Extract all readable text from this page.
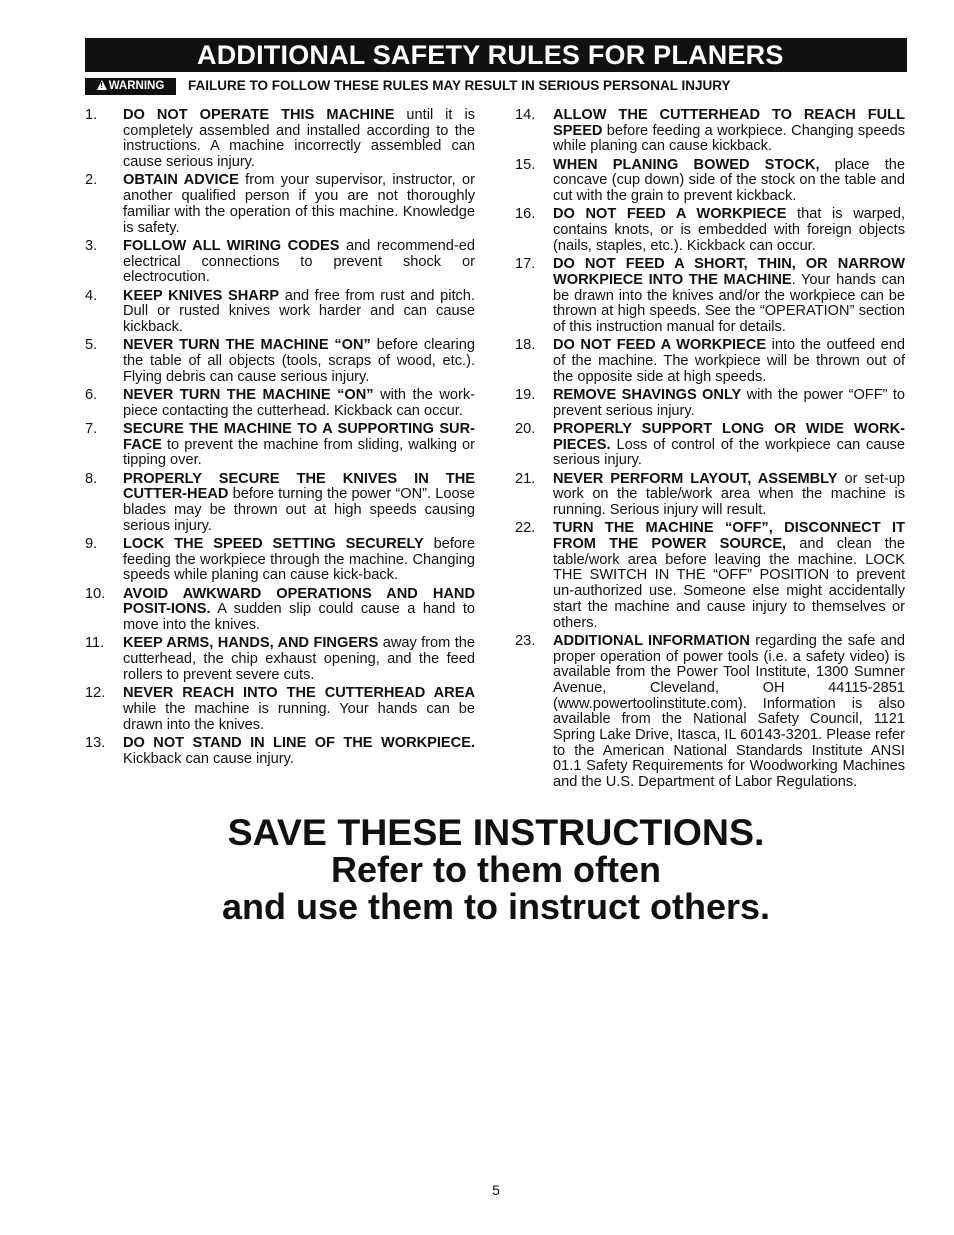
ADDITIONAL SAFETY RULES FOR PLANERS
!WARNING	FAILURE TO FOLLOW THESE RULES MAY RESULT IN SERIOUS PERSONAL INJURY
1. DO NOT OPERATE THIS MACHINE until it is completely assembled and installed according to the instructions. A machine incorrectly assembled can cause serious injury.
2. OBTAIN ADVICE from your supervisor, instructor, or another qualified person if you are not thoroughly familiar with the operation of this machine. Knowledge is safety.
3. FOLLOW ALL WIRING CODES and recommend-ed electrical connections to prevent shock or electrocution.
4. KEEP KNIVES SHARP and free from rust and pitch. Dull or rusted knives work harder and can cause kickback.
5. NEVER TURN THE MACHINE “ON” before clearing the table of all objects (tools, scraps of wood, etc.). Flying debris can cause serious injury.
6. NEVER TURN THE MACHINE “ON” with the work-piece contacting the cutterhead. Kickback can occur.
7. SECURE THE MACHINE TO A SUPPORTING SUR-FACE to prevent the machine from sliding, walking or tipping over.
8. PROPERLY SECURE THE KNIVES IN THE CUTTER-HEAD before turning the power “ON”. Loose blades may be thrown out at high speeds causing serious injury.
9. LOCK THE SPEED SETTING SECURELY before feeding the workpiece through the machine. Changing speeds while planing can cause kick-back.
10. AVOID AWKWARD OPERATIONS AND HAND POSIT-IONS. A sudden slip could cause a hand to move into the knives.
11. KEEP ARMS, HANDS, AND FINGERS away from the cutterhead, the chip exhaust opening, and the feed rollers to prevent severe cuts.
12. NEVER REACH INTO THE CUTTERHEAD AREA while the machine is running. Your hands can be drawn into the knives.
13. DO NOT STAND IN LINE OF THE WORKPIECE. Kickback can cause injury.
14. ALLOW THE CUTTERHEAD TO REACH FULL SPEED before feeding a workpiece. Changing speeds while planing can cause kickback.
15. WHEN PLANING BOWED STOCK, place the concave (cup down) side of the stock on the table and cut with the grain to prevent kickback.
16. DO NOT FEED A WORKPIECE that is warped, contains knots, or is embedded with foreign objects (nails, staples, etc.). Kickback can occur.
17. DO NOT FEED A SHORT, THIN, OR NARROW WORKPIECE INTO THE MACHINE. Your hands can be drawn into the knives and/or the workpiece can be thrown at high speeds. See the “OPERATION” section of this instruction manual for details.
18. DO NOT FEED A WORKPIECE into the outfeed end of the machine. The workpiece will be thrown out of the opposite side at high speeds.
19. REMOVE SHAVINGS ONLY with the power “OFF” to prevent serious injury.
20. PROPERLY SUPPORT LONG OR WIDE WORK-PIECES. Loss of control of the workpiece can cause serious injury.
21. NEVER PERFORM LAYOUT, ASSEMBLY or set-up work on the table/work area when the machine is running. Serious injury will result.
22. TURN THE MACHINE “OFF”, DISCONNECT IT FROM THE POWER SOURCE, and clean the table/work area before leaving the machine. LOCK THE SWITCH IN THE “OFF” POSITION to prevent un-authorized use. Someone else might accidentally start the machine and cause injury to themselves or others.
23. ADDITIONAL INFORMATION regarding the safe and proper operation of power tools (i.e. a safety video) is available from the Power Tool Institute, 1300 Sumner Avenue, Cleveland, OH 44115-2851 (www.powertoolinstitute.com). Information is also available from the National Safety Council, 1121 Spring Lake Drive, Itasca, IL 60143-3201. Please refer to the American National Standards Institute ANSI 01.1 Safety Requirements for Woodworking Machines and the U.S. Department of Labor Regulations.
SAVE THESE INSTRUCTIONS.
Refer to them often
and use them to instruct others.
5
